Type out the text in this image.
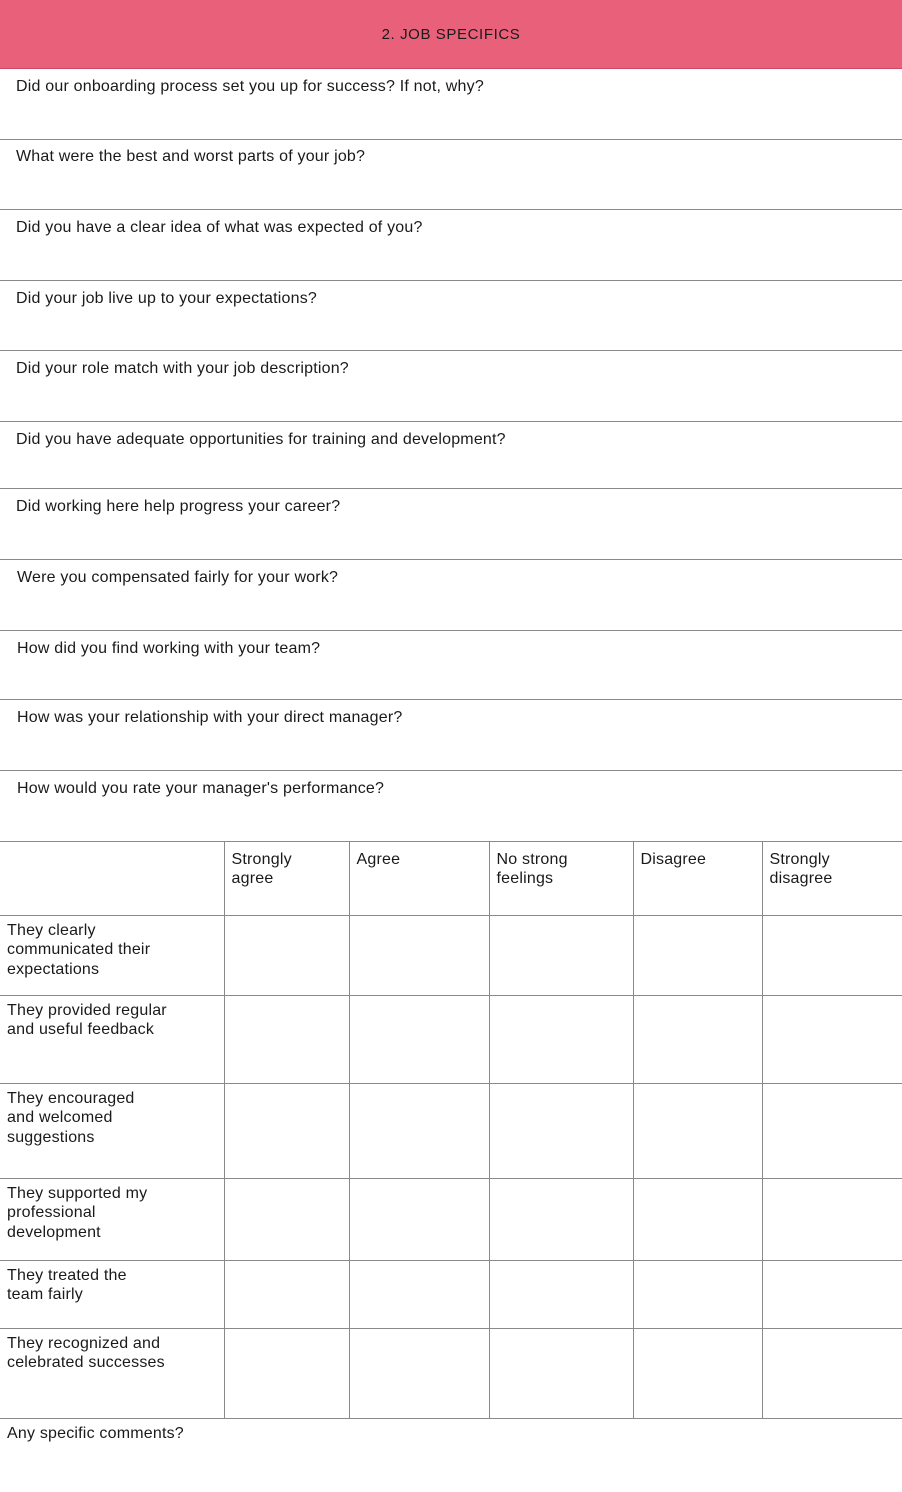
2. JOB SPECIFICS
Did our onboarding process set you up for success? If not, why?
What were the best and worst parts of your job?
Did you have a clear idea of what was expected of you?
Did your job live up to your expectations?
Did your role match with your job description?
Did you have adequate opportunities for training and development?
Did working here help progress your career?
Were you compensated fairly for your work?
How did you find working with your team?
How was your relationship with your direct manager?
How would you rate your manager's performance?
	Strongly agree	Agree	No strong feelings	Disagree	Strongly disagree
They clearly communicated their expectations					
They provided regular and useful feedback					
They encouraged and welcomed suggestions					
They supported my professional development					
They treated the team fairly					
They recognized and celebrated successes					
Any specific comments?
